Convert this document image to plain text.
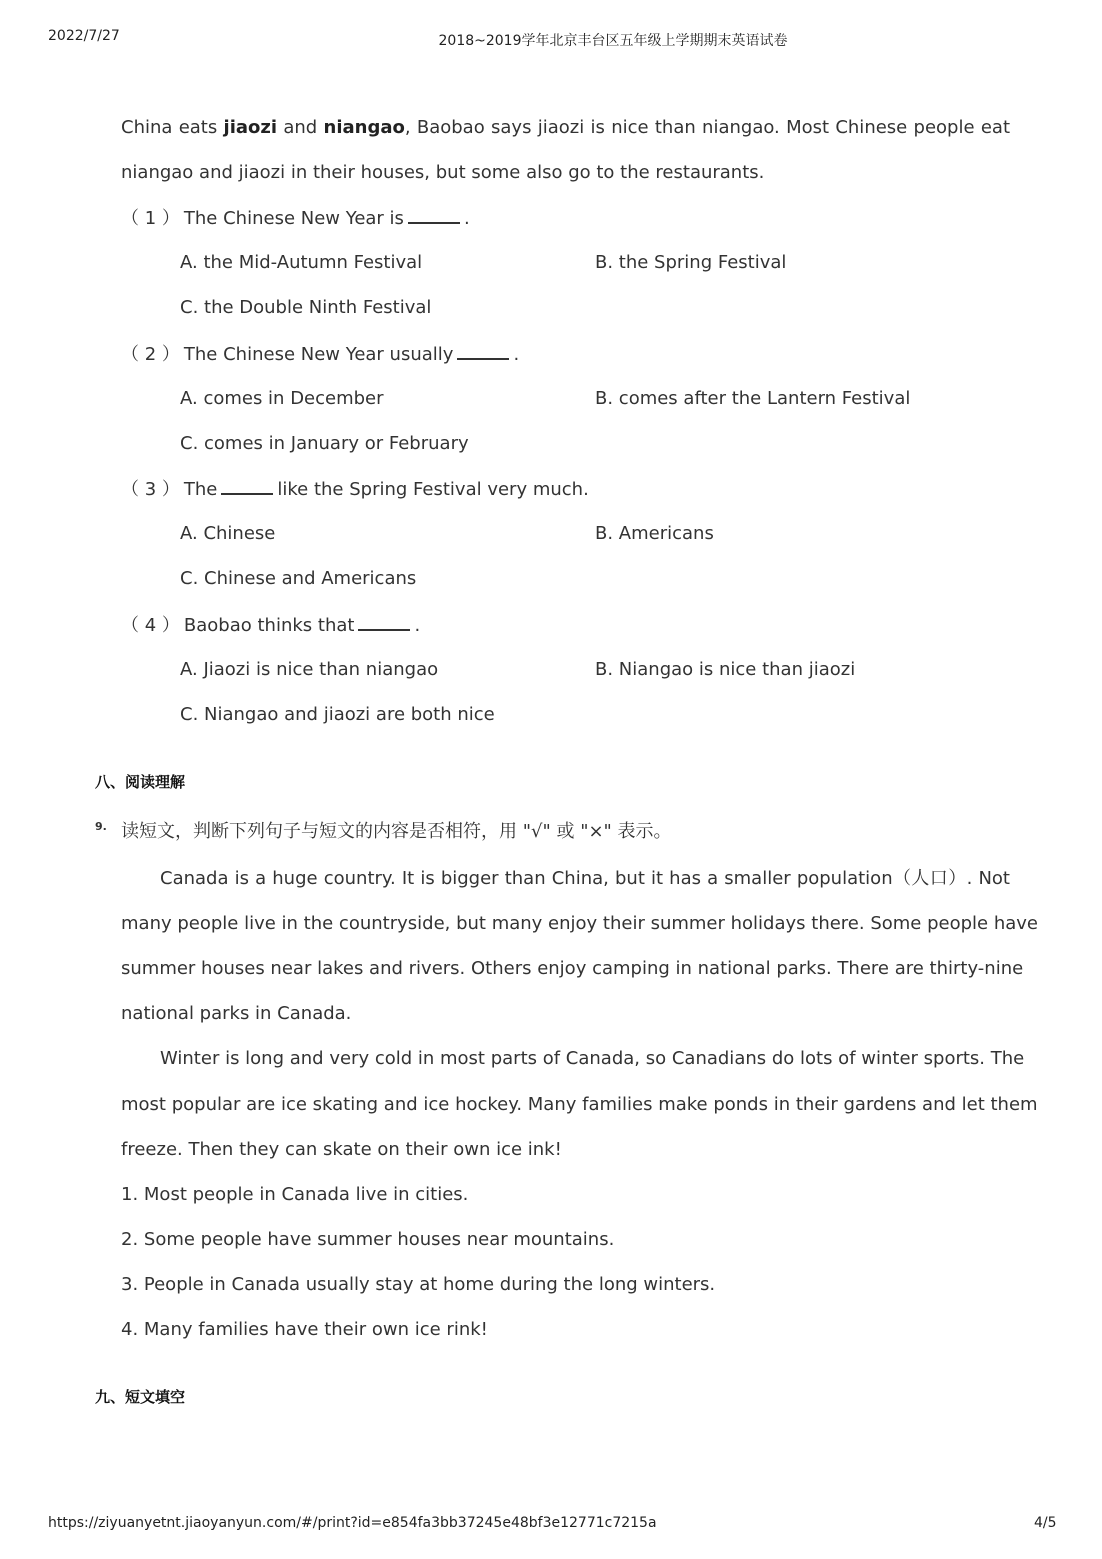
2022/7/27	2018~2019学年北京丰台区五年级上学期期末英语试卷
China eats jiaozi and niangao, Baobao says jiaozi is nice than niangao. Most Chinese people eat
niangao and jiaozi in their houses, but some also go to the restaurants.
（ 1 ） The Chinese New Year is	.
A. the Mid-Autumn Festival	B. the Spring Festival
C. the Double Ninth Festival
（ 2 ） The Chinese New Year usually	.
A. comes in December	B. comes after the Lantern Festival
C. comes in January or February
（ 3 ） The	like the Spring Festival very much.
A. Chinese	B. Americans
C. Chinese and Americans
（ 4 ） Baobao thinks that	.
A. Jiaozi is nice than niangao	B. Niangao is nice than jiaozi
C. Niangao and jiaozi are both nice
八、阅读理解
9. 读短文，判断下列句子与短文的内容是否相符，用 "√" 或 "×" 表示。
Canada is a huge country. It is bigger than China, but it has a smaller population（人口）. Not
many people live in the countryside, but many enjoy their summer holidays there. Some people have
summer houses near lakes and rivers. Others enjoy camping in national parks. There are thirty-nine
national parks in Canada.
Winter is long and very cold in most parts of Canada, so Canadians do lots of winter sports. The
most popular are ice skating and ice hockey. Many families make ponds in their gardens and let them
freeze. Then they can skate on their own ice ink!
1. Most people in Canada live in cities.
2. Some people have summer houses near mountains.
3. People in Canada usually stay at home during the long winters.
4. Many families have their own ice rink!
九、短文填空
https://ziyuanyetnt.jiaoyanyun.com/#/print?id=e854fa3bb37245e48bf3e12771c7215a	4/5
